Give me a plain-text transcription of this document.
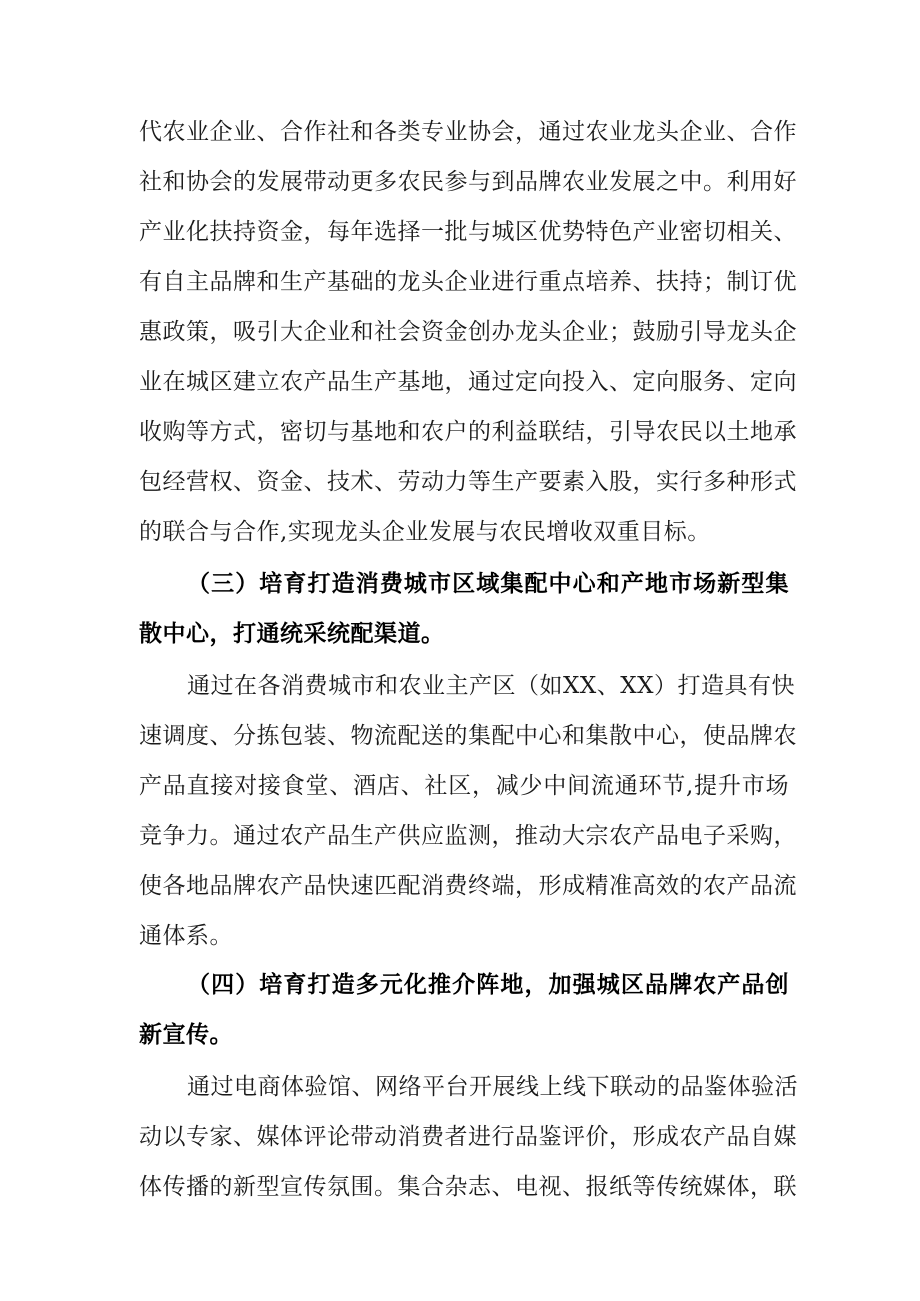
代农业企业、合作社和各类专业协会，通过农业龙头企业、合作
社和协会的发展带动更多农民参与到品牌农业发展之中。利用好
产业化扶持资金，每年选择一批与城区优势特色产业密切相关、
有自主品牌和生产基础的龙头企业进行重点培养、扶持；制订优
惠政策，吸引大企业和社会资金创办龙头企业；鼓励引导龙头企
业在城区建立农产品生产基地，通过定向投入、定向服务、定向
收购等方式，密切与基地和农户的利益联结，引导农民以土地承
包经营权、资金、技术、劳动力等生产要素入股，实行多种形式
的联合与合作,实现龙头企业发展与农民增收双重目标。
（三）培育打造消费城市区域集配中心和产地市场新型集
散中心，打通统采统配渠道。
通过在各消费城市和农业主产区（如XX、XX）打造具有快
速调度、分拣包装、物流配送的集配中心和集散中心，使品牌农
产品直接对接食堂、酒店、社区，减少中间流通环节,提升市场
竞争力。通过农产品生产供应监测，推动大宗农产品电子采购，
使各地品牌农产品快速匹配消费终端，形成精准高效的农产品流
通体系。
（四）培育打造多元化推介阵地，加强城区品牌农产品创
新宣传。
通过电商体验馆、网络平台开展线上线下联动的品鉴体验活
动以专家、媒体评论带动消费者进行品鉴评价，形成农产品自媒
体传播的新型宣传氛围。集合杂志、电视、报纸等传统媒体，联
